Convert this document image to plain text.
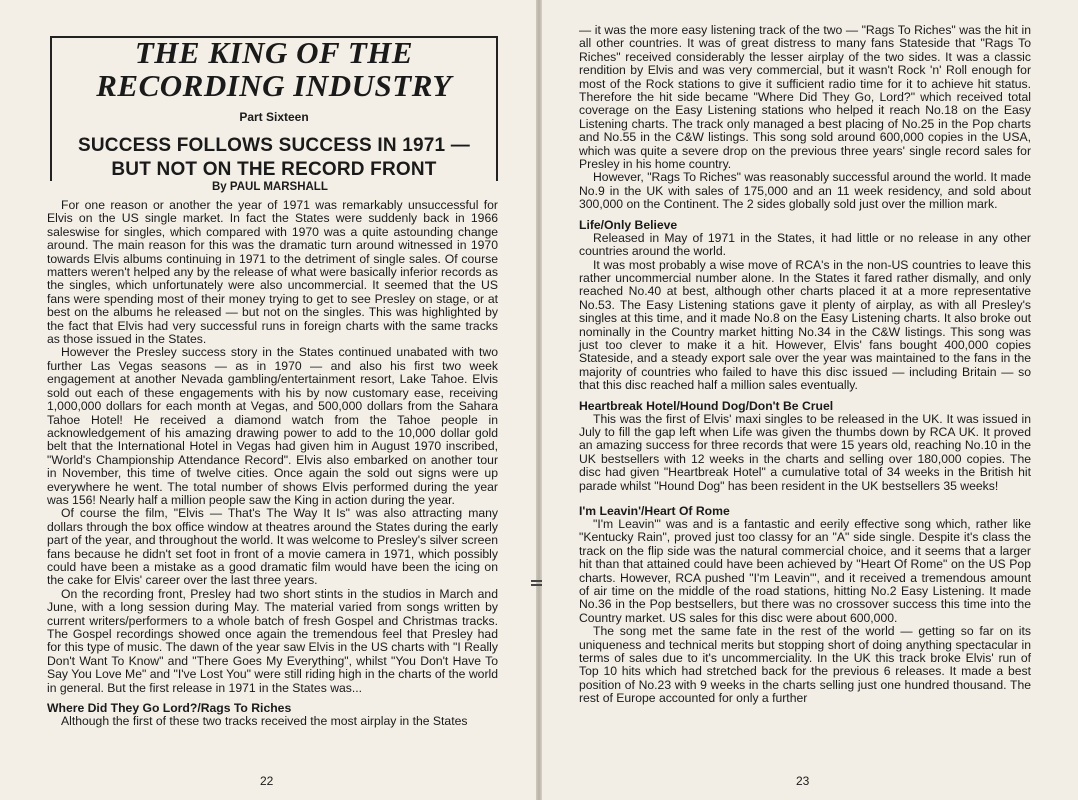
THE KING OF THE
RECORDING INDUSTRY
Part Sixteen
SUCCESS FOLLOWS SUCCESS IN 1971 —
BUT NOT ON THE RECORD FRONT
By PAUL MARSHALL

For one reason or another the year of 1971 was remarkably unsuccessful for Elvis on the US single market. In fact the States were suddenly back in 1966 saleswise for singles, which compared with 1970 was a quite astounding change around. The main reason for this was the dramatic turn around witnessed in 1970 towards Elvis albums continuing in 1971 to the detriment of single sales. Of course matters weren't helped any by the release of what were basically inferior records as the singles, which unfortunately were also uncommercial. It seemed that the US fans were spending most of their money trying to get to see Presley on stage, or at best on the albums he released — but not on the singles. This was highlighted by the fact that Elvis had very successful runs in foreign charts with the same tracks as those issued in the States.

However the Presley success story in the States continued unabated with two further Las Vegas seasons — as in 1970 — and also his first two week engagement at another Nevada gambling/entertainment resort, Lake Tahoe. Elvis sold out each of these engagements with his by now customary ease, receiving 1,000,000 dollars for each month at Vegas, and 500,000 dollars from the Sahara Tahoe Hotel! He received a diamond watch from the Tahoe people in acknowledgement of his amazing drawing power to add to the 10,000 dollar gold belt that the International Hotel in Vegas had given him in August 1970 inscribed, "World's Championship Attendance Record". Elvis also embarked on another tour in November, this time of twelve cities. Once again the sold out signs were up everywhere he went. The total number of shows Elvis performed during the year was 156! Nearly half a million people saw the King in action during the year.

Of course the film, "Elvis — That's The Way It Is" was also attracting many dollars through the box office window at theatres around the States during the early part of the year, and throughout the world. It was welcome to Presley's silver screen fans because he didn't set foot in front of a movie camera in 1971, which possibly could have been a mistake as a good dramatic film would have been the icing on the cake for Elvis' career over the last three years.

On the recording front, Presley had two short stints in the studios in March and June, with a long session during May. The material varied from songs written by current writers/performers to a whole batch of fresh Gospel and Christmas tracks. The Gospel recordings showed once again the tremendous feel that Presley had for this type of music. The dawn of the year saw Elvis in the US charts with "I Really Don't Want To Know" and "There Goes My Everything", whilst "You Don't Have To Say You Love Me" and "I've Lost You" were still riding high in the charts of the world in general. But the first release in 1971 in the States was...

Where Did They Go Lord?/Rags To Riches

Although the first of these two tracks received the most airplay in the States

22	23

— it was the more easy listening track of the two — "Rags To Riches" was the hit in all other countries. It was of great distress to many fans Stateside that "Rags To Riches" received considerably the lesser airplay of the two sides. It was a classic rendition by Elvis and was very commercial, but it wasn't Rock 'n' Roll enough for most of the Rock stations to give it sufficient radio time for it to achieve hit status. Therefore the hit side became "Where Did They Go, Lord?" which received total coverage on the Easy Listening stations who helped it reach No.18 on the Easy Listening charts. The track only managed a best placing of No.25 in the Pop charts and No.55 in the C&W listings. This song sold around 600,000 copies in the USA, which was quite a severe drop on the previous three years' single record sales for Presley in his home country.

However, "Rags To Riches" was reasonably successful around the world. It made No.9 in the UK with sales of 175,000 and an 11 week residency, and sold about 300,000 on the Continent. The 2 sides globally sold just over the million mark.

Life/Only Believe

Released in May of 1971 in the States, it had little or no release in any other countries around the world.

It was most probably a wise move of RCA's in the non-US countries to leave this rather uncommercial number alone. In the States it fared rather dismally, and only reached No.40 at best, although other charts placed it at a more representative No.53. The Easy Listening stations gave it plenty of airplay, as with all Presley's singles at this time, and it made No.8 on the Easy Listening charts. It also broke out nominally in the Country market hitting No.34 in the C&W listings. This song was just too clever to make it a hit. However, Elvis' fans bought 400,000 copies Stateside, and a steady export sale over the year was maintained to the fans in the majority of countries who failed to have this disc issued — including Britain — so that this disc reached half a million sales eventually.

Heartbreak Hotel/Hound Dog/Don't Be Cruel

This was the first of Elvis' maxi singles to be released in the UK. It was issued in July to fill the gap left when Life was given the thumbs down by RCA UK. It proved an amazing success for three records that were 15 years old, reaching No.10 in the UK bestsellers with 12 weeks in the charts and selling over 180,000 copies. The disc had given "Heartbreak Hotel" a cumulative total of 34 weeks in the British hit parade whilst "Hound Dog" has been resident in the UK bestsellers 35 weeks!

I'm Leavin'/Heart Of Rome

"I'm Leavin'" was and is a fantastic and eerily effective song which, rather like "Kentucky Rain", proved just too classy for an "A" side single. Despite it's class the track on the flip side was the natural commercial choice, and it seems that a larger hit than that attained could have been achieved by "Heart Of Rome" on the US Pop charts. However, RCA pushed "I'm Leavin'", and it received a tremendous amount of air time on the middle of the road stations, hitting No.2 Easy Listening. It made No.36 in the Pop bestsellers, but there was no crossover success this time into the Country market. US sales for this disc were about 600,000.

The song met the same fate in the rest of the world — getting so far on its uniqueness and technical merits but stopping short of doing anything spectacular in terms of sales due to it's uncommerciality. In the UK this track broke Elvis' run of Top 10 hits which had stretched back for the previous 6 releases. It made a best position of No.23 with 9 weeks in the charts selling just one hundred thousand. The rest of Europe accounted for only a further
